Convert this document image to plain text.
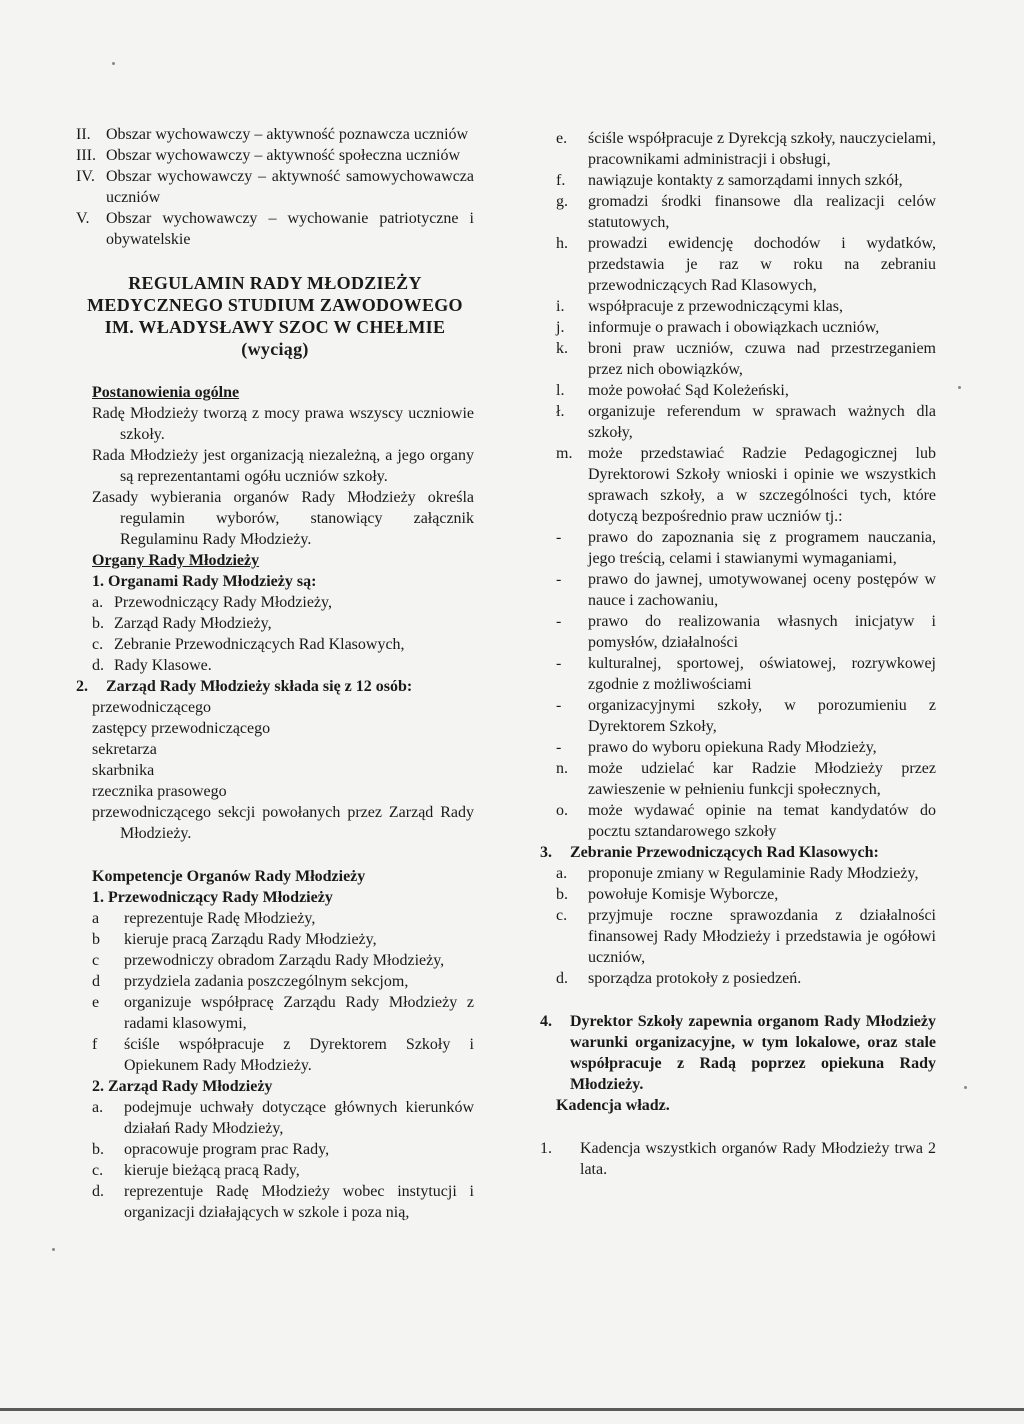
II. Obszar wychowawczy – aktywność poznawcza uczniów
III. Obszar wychowawczy – aktywność społeczna uczniów
IV. Obszar wychowawczy – aktywność samowychowawcza uczniów
V.	Obszar wychowawczy – wychowanie patriotyczne i obywatelskie
REGULAMIN RADY MŁODZIEŻY
MEDYCZNEGO STUDIUM ZAWODOWEGO
IM. WŁADYSŁAWY SZOC W CHEŁMIE
(wyciąg)
Postanowienia ogólne
Radę Młodzieży tworzą z mocy prawa wszyscy uczniowie szkoły.
Rada Młodzieży jest organizacją niezależną, a jego organy są reprezentantami ogółu uczniów szkoły.
Zasady wybierania organów Rady Młodzieży określa regulamin wyborów, stanowiący załącznik Regulaminu Rady Młodzieży.
Organy Rady Młodzieży
1. Organami Rady Młodzieży są:
a. Przewodniczący Rady Młodzieży,
b. Zarząd Rady Młodzieży,
c. Zebranie Przewodniczących Rad Klasowych,
d. Rady Klasowe.
2.	Zarząd Rady Młodzieży składa się z 12 osób:
przewodniczącego
zastępcy przewodniczącego
sekretarza
skarbnika
rzecznika prasowego
przewodniczącego sekcji powołanych przez Zarząd Rady Młodzieży.
Kompetencje Organów Rady Młodzieży
1. Przewodniczący Rady Młodzieży
a	reprezentuje Radę Młodzieży,
b	kieruje pracą Zarządu Rady Młodzieży,
c	przewodniczy obradom Zarządu Rady Młodzieży,
d	przydziela zadania poszczególnym sekcjom,
e	organizuje współpracę Zarządu Rady Młodzieży z radami klasowymi,
f	ściśle współpracuje z Dyrektorem Szkoły i Opiekunem Rady Młodzieży.
2. Zarząd Rady Młodzieży
a.	podejmuje uchwały dotyczące głównych kierunków działań Rady Młodzieży,
b.	opracowuje program prac Rady,
c.	kieruje bieżącą pracą Rady,
d.	reprezentuje Radę Młodzieży wobec instytucji i organizacji działających w szkole i poza nią,
e.	ściśle współpracuje z Dyrekcją szkoły, nauczycielami, pracownikami administracji i obsługi,
f.	nawiązuje kontakty z samorządami innych szkół,
g.	gromadzi środki finansowe dla realizacji celów statutowych,
h.	prowadzi ewidencję dochodów i wydatków, przedstawia je raz w roku na zebraniu przewodniczących Rad Klasowych,
i.	współpracuje z przewodniczącymi klas,
j.	informuje o prawach i obowiązkach uczniów,
k.	broni praw uczniów, czuwa nad przestrzeganiem przez nich obowiązków,
l.	może powołać Sąd Koleżeński,
ł.	organizuje referendum w sprawach ważnych dla szkoły,
m. może przedstawiać Radzie Pedagogicznej lub Dyrektorowi Szkoły wnioski i opinie we wszystkich sprawach szkoły, a w szczególności tych, które dotyczą bezpośrednio praw uczniów tj.:
-	prawo do zapoznania się z programem nauczania, jego treścią, celami i stawianymi wymaganiami,
-	prawo do jawnej, umotywowanej oceny postępów w nauce i zachowaniu,
-	prawo do realizowania własnych inicjatyw i pomysłów, działalności
-	kulturalnej, sportowej, oświatowej, rozrywkowej zgodnie z możliwościami
-	organizacyjnymi szkoły, w porozumieniu z Dyrektorem Szkoły,
-	prawo do wyboru opiekuna Rady Młodzieży,
n.	może udzielać kar Radzie Młodzieży przez zawieszenie w pełnieniu funkcji społecznych,
o.	może wydawać opinie na temat kandydatów do pocztu sztandarowego szkoły
3.	Zebranie Przewodniczących Rad Klasowych:
a.	proponuje zmiany w Regulaminie Rady Młodzieży,
b.	powołuje Komisje Wyborcze,
c.	przyjmuje roczne sprawozdania z działalności finansowej Rady Młodzieży i przedstawia je ogółowi uczniów,
d.	sporządza protokoły z posiedzeń.
4.	Dyrektor Szkoły zapewnia organom Rady Młodzieży warunki organizacyjne, w tym lokalowe, oraz stale współpracuje z Radą poprzez opiekuna Rady Młodzieży.
Kadencja władz.
1.	Kadencja wszystkich organów Rady Młodzieży trwa 2 lata.
